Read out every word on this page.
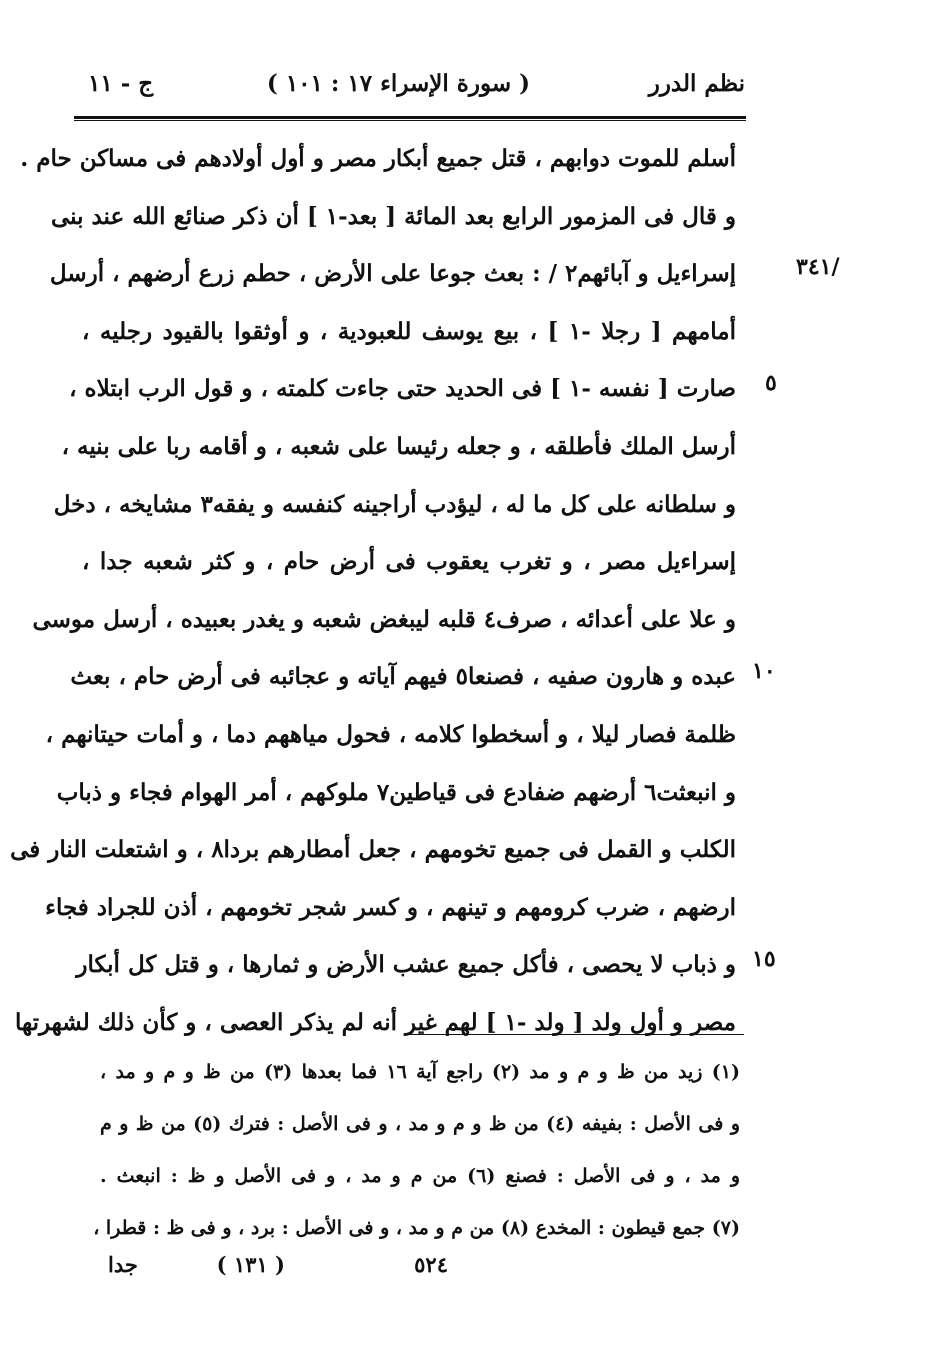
نظم الدرر
( سورة الإسراء ١٧ : ١٠١ )
ج - ١١
/٣٤١
٥
١٠
١٥
أسلم للموت دوابهم ، قتل جميع أبكار مصر و أول أولادهم فى مساكن حام .
و قال فى المزمور الرابع بعد المائة [ بعد-١ ] أن ذكر صنائع الله عند بنى
إسراءيل و آبائهم٢ / : بعث جوعا على الأرض ، حطم زرع أرضهم ، أرسل
أمامهم [ رجلا -١ ] ، بيع يوسف للعبودية ، و أوثقوا بالقيود رجليه ،
صارت [ نفسه -١ ] فى الحديد حتى جاءت كلمته ، و قول الرب ابتلاه ،
أرسل الملك فأطلقه ، و جعله رئيسا على شعبه ، و أقامه ربا على بنيه ،
و سلطانه على كل ما له ، ليؤدب أراجينه كنفسه و يفقه٣ مشايخه ، دخل
إسراءيل مصر ، و تغرب يعقوب فى أرض حام ، و كثر شعبه جدا ،
و علا على أعدائه ، صرف٤ قلبه ليبغض شعبه و يغدر بعبيده ، أرسل موسى
عبده و هارون صفيه ، فصنعا٥ فيهم آياته و عجائبه فى أرض حام ، بعث
ظلمة فصار ليلا ، و أسخطوا كلامه ، فحول مياههم دما ، و أمات حيتانهم ،
و انبعثت٦ أرضهم ضفادع فى قياطين٧ ملوكهم ، أمر الهوام فجاء و ذباب
الكلب و القمل فى جميع تخومهم ، جعل أمطارهم بردا٨ ، و اشتعلت النار فى
ارضهم ، ضرب كرومهم و تينهم ، و كسر شجر تخومهم ، أذن للجراد فجاء
و ذباب لا يحصى ، فأكل جميع عشب الأرض و ثمارها ، و قتل كل أبكار
مصر و أول ولد [ ولد -١ ] لهم غير أنه لم يذكر العصى ، و كأن ذلك لشهرتها
(١) زيد من ظ و م و مد (٢) راجع آية ١٦ فما بعدها (٣) من ظ و م و مد ،
و فى الأصل : بفيفه (٤) من ظ و م و مد ، و فى الأصل : فترك (٥) من ظ و م
و مد ، و فى الأصل : فصنع (٦) من م و مد ، و فى الأصل و ظ : انبعث .
(٧) جمع قيطون : المخدع (٨) من م و مد ، و فى الأصل : برد ، و فى ظ : قطرا ،
٥٢٤
( ١٣١ )
جدا
